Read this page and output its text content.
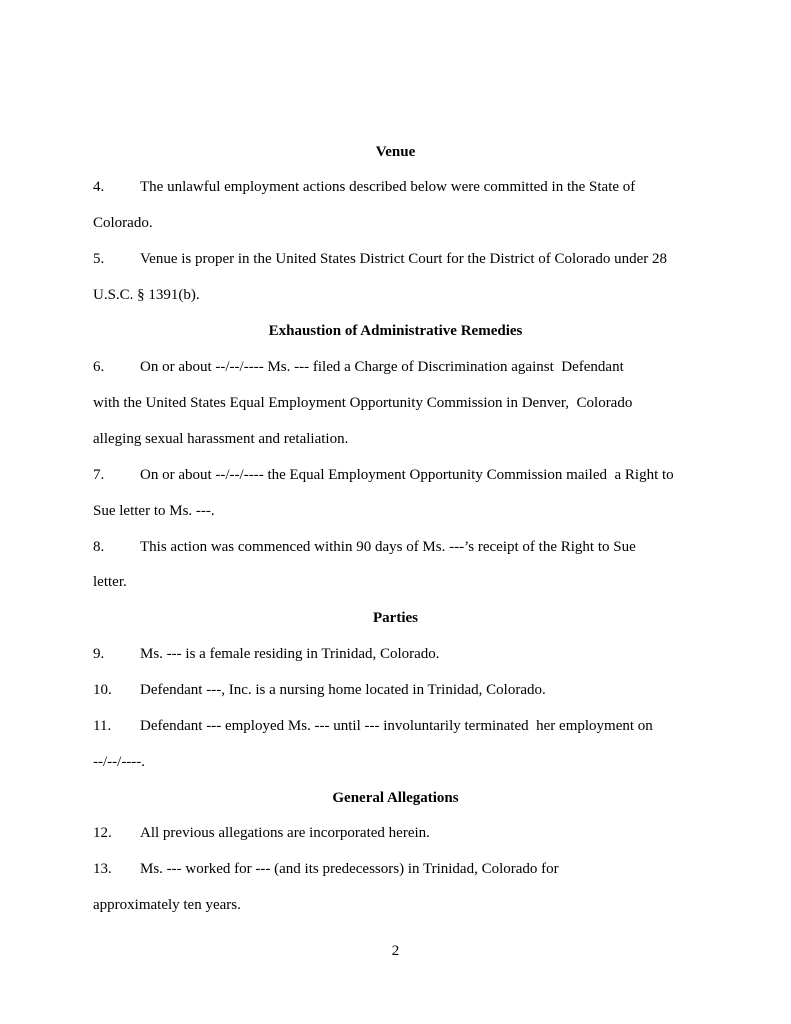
Venue
4. The unlawful employment actions described below were committed in the State of
Colorado.
5. Venue is proper in the United States District Court for the District of Colorado under 28
U.S.C. § 1391(b).
Exhaustion of Administrative Remedies
6. On or about --/--/---- Ms. --- filed a Charge of Discrimination against  Defendant
with the United States Equal Employment Opportunity Commission in Denver,  Colorado
alleging sexual harassment and retaliation.
7. On or about --/--/---- the Equal Employment Opportunity Commission mailed  a Right to
Sue letter to Ms. ---.
8. This action was commenced within 90 days of Ms. ---’s receipt of the Right to Sue
letter.
Parties
9. Ms. --- is a female residing in Trinidad, Colorado.
10. Defendant ---, Inc. is a nursing home located in Trinidad, Colorado.
11. Defendant --- employed Ms. --- until --- involuntarily terminated  her employment on
--/--/----.
General Allegations
12. All previous allegations are incorporated herein.
13. Ms. --- worked for --- (and its predecessors) in Trinidad, Colorado for
approximately ten years.
2
